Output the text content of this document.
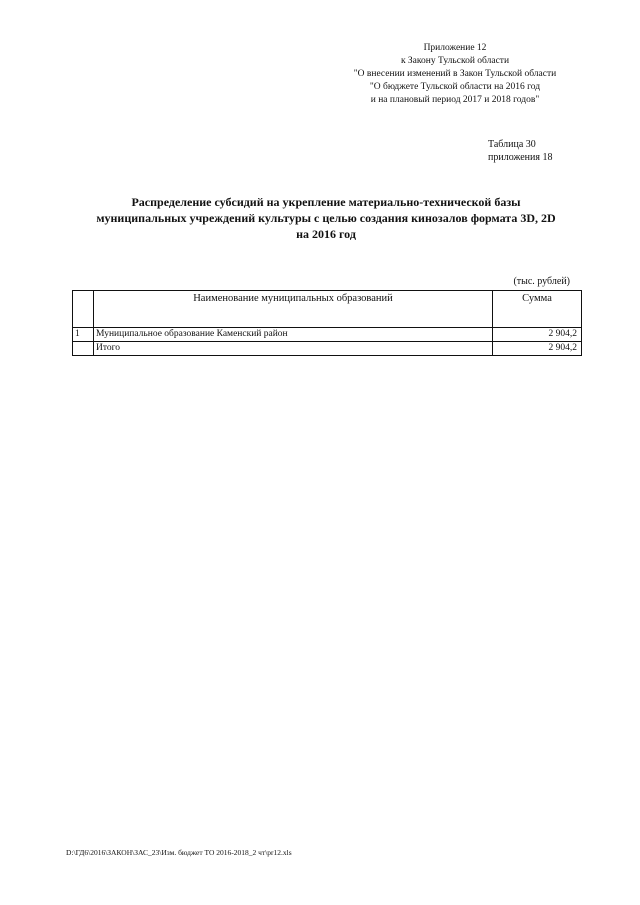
Приложение 12
к Закону Тульской области
"О внесении изменений в Закон Тульской области
"О бюджете Тульской области на 2016 год
и на плановый период 2017 и 2018 годов"
Таблица 30
приложения 18
Распределение субсидий на укрепление материально-технической базы
муниципальных учреждений культуры с целью создания кинозалов формата 3D, 2D
на 2016 год
(тыс. рублей)
	Наименование муниципальных образований	Сумма
1	Муниципальное образование Каменский район	2 904,2
	Итого	2 904,2
D:\ГД6\2016\ЗАКОН\ЗАС_23\Изм. бюджет ТО 2016-2018_2 чт\pr12.xls
